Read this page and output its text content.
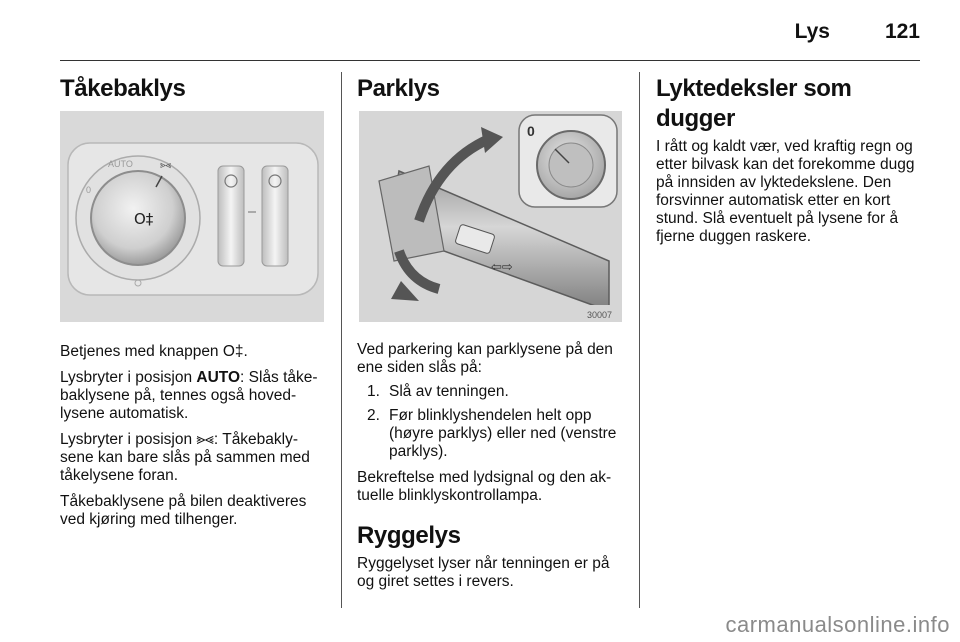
Lys	121
Tåkebaklys
O‡
AUTO
0
⪢⪡

Betjenes med knappen O‡.

Lysbryter i posisjon AUTO: Slås tåke-baklysene på, tennes også hoved-lysene automatisk.

Lysbryter i posisjon ⪢⪡: Tåkebakly-sene kan bare slås på sammen med tåkelysene foran.

Tåkebaklysene på bilen deaktiveres ved kjøring med tilhenger.

Parklys
⇦⇨
0
30007

Ved parkering kan parklysene på den ene siden slås på:

1. Slå av tenningen.
2. Før blinklyshendelen helt opp (høyre parklys) eller ned (venstre parklys).

Bekreftelse med lydsignal og den ak-tuelle blinklyskontrollampa.

Ryggelys

Ryggelyset lyser når tenningen er på og giret settes i revers.

Lyktedeksler som dugger

I rått og kaldt vær, ved kraftig regn og etter bilvask kan det forekomme dugg på innsiden av lyktedekslene. Den forsvinner automatisk etter en kort stund. Slå eventuelt på lysene for å fjerne duggen raskere.

carmanualsonline.info
